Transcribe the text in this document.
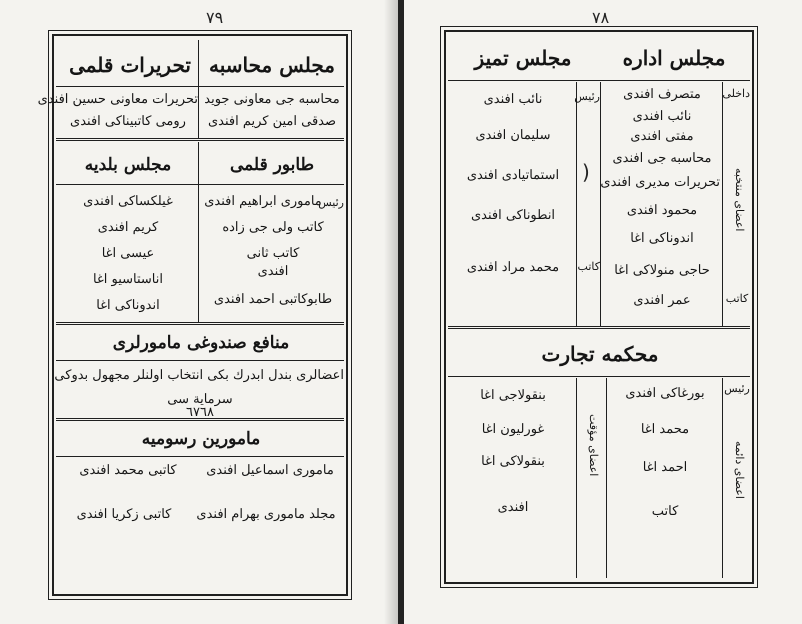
٧٩
تحريرات قلمى مجلس محاسبه
محاسبه جى معاونى جويد
صدقى امين كريم افندى
تحريرات معاونى حسين افندى
رومى كاتبيناكى افندى
مجلس بلديه	طابور قلمى
غيلكساكى افندى
كريم افندى
عيسى اغا
اناستاسيو اغا
اندوناكى اغا
رئيس
مامورى ابراهيم افندى
كاتب ولى جى زاده
كاتب ثانى
افندى
طابوكاتبى احمد افندى
منافع صندوغى مامورلرى
اعضالرى بندل ابدرك بكى انتخاب اولنلر مجهول بدوكى
سرماية سى
٦٧٦٨
مامورين رسوميه
مامورى اسماعيل افندى
كاتبى محمد افندى
مجلد مامورى بهرام افندى
كاتبى زكريا افندى
٧٨
مجلس اداره
مجلس تميز
داخلى
اعضاى منتخبه
كاتب
متصرف افندى
نائب افندى
مفتى افندى
محاسبه جى افندى
تحريرات مديرى افندى
محمود افندى
اندوناكى اغا
حاجى منولاكى اغا
عمر افندى
رئيس
كاتب
)
نائب افندى
سليمان افندى
استماتيادى افندى
انطوناكى افندى
محمد مراد افندى
محكمه تجارت
رئيس
اعضاى دائمه
اعضاى مؤقت
بورغاكى افندى
محمد اغا
احمد اغا
كاتب
بنقولاجى اغا
غورليون اغا
بنقولاكى اغا
افندى
